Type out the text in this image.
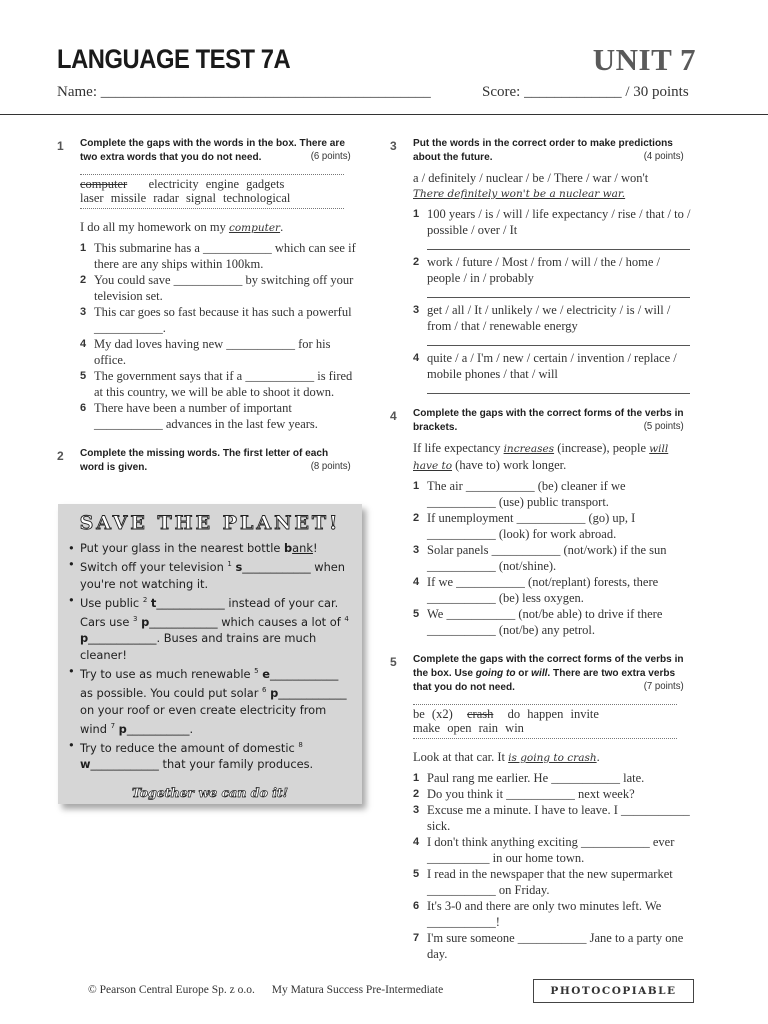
LANGUAGE TEST 7A	UNIT 7
Name: ____________________________________________	Score: _____________ / 30 points
1 Complete the gaps with the words in the box. There are two extra words that you do not need.	(6 points)
computer electricity engine gadgets
laser missile radar signal technological
I do all my homework on my computer.
1 This submarine has a ___________ which can see if there are any ships within 100km.
2 You could save ___________ by switching off your television set.
3 This car goes so fast because it has such a powerful ___________.
4 My dad loves having new ___________ for his office.
5 The government says that if a ___________ is fired at this country, we will be able to shoot it down.
6 There have been a number of important ___________ advances in the last few years.
2 Complete the missing words. The first letter of each word is given.	(8 points)
SAVE THE PLANET!
• Put your glass in the nearest bottle bank!
• Switch off your television $^1$ s____________ when you're not watching it.
• Use public $^2$ t____________ instead of your car. Cars use $^3$ p____________ which causes a lot of $^4$ p____________. Buses and trains are much cleaner!
• Try to use as much renewable $^5$ e____________ as possible. You could put solar $^6$ p____________ on your roof or even create electricity from wind $^7$ p___________.
• Try to reduce the amount of domestic $^8$ w____________ that your family produces.
Together we can do it!
3 Put the words in the correct order to make predictions about the future.	(4 points)
a / definitely / nuclear / be / There / war / won't
There definitely won't be a nuclear war.
1 100 years / is / will / life expectancy / rise / that / to / possible / over / It
2 work / future / Most / from / will / the / home / people / in / probably
3 get / all / It / unlikely / we / electricity / is / will / from / that / renewable energy
4 quite / a / I'm / new / certain / invention / replace / mobile phones / that / will
4 Complete the gaps with the correct forms of the verbs in brackets.	(5 points)
If life expectancy increases (increase), people will have to (have to) work longer.
1 The air ___________ (be) cleaner if we ___________ (use) public transport.
2 If unemployment ___________ (go) up, I ___________ (look) for work abroad.
3 Solar panels ___________ (not/work) if the sun ___________ (not/shine).
4 If we ___________ (not/replant) forests, there ___________ (be) less oxygen.
5 We ___________ (not/be able) to drive if there ___________ (not/be) any petrol.
5 Complete the gaps with the correct forms of the verbs in the box. Use going to or will. There are two extra verbs that you do not need.	(7 points)
be (x2) crash do happen invite
make open rain win
Look at that car. It is going to crash.
1 Paul rang me earlier. He ___________ late.
2 Do you think it ___________ next week?
3 Excuse me a minute. I have to leave. I ___________ sick.
4 I don't think anything exciting ___________ ever __________ in our home town.
5 I read in the newspaper that the new supermarket ___________ on Friday.
6 It's 3-0 and there are only two minutes left. We ___________!
7 I'm sure someone ___________ Jane to a party one day.
© Pearson Central Europe Sp. z o.o. My Matura Success Pre-Intermediate	PHOTOCOPIABLE
